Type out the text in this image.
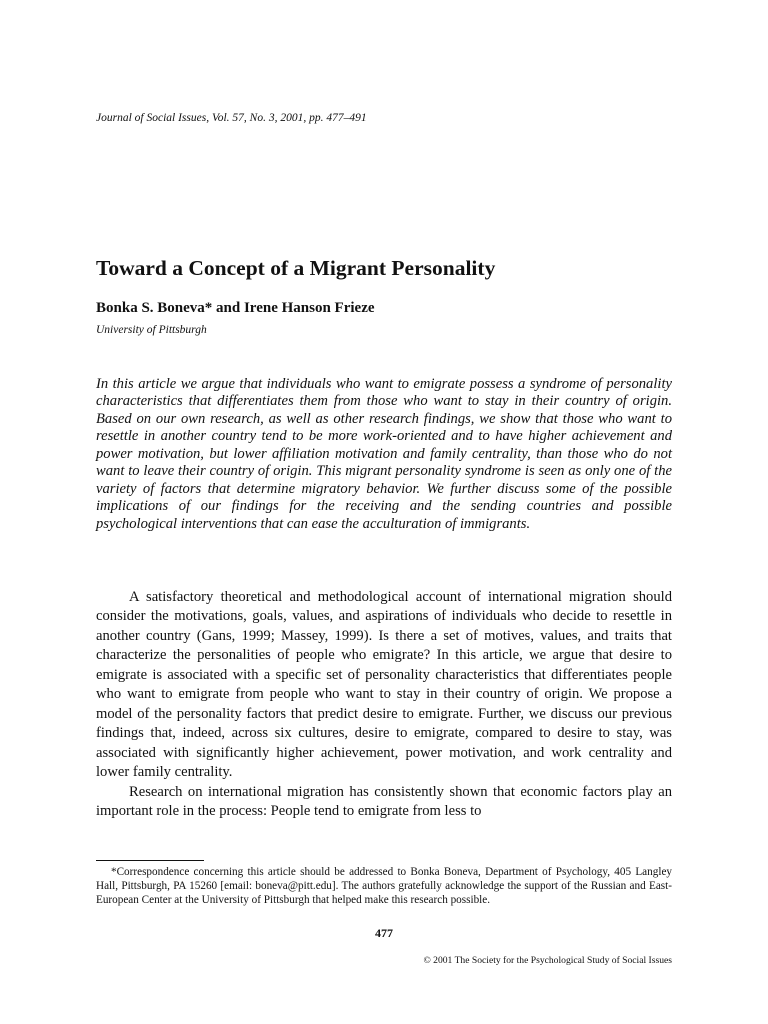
Journal of Social Issues, Vol. 57, No. 3, 2001, pp. 477–491
Toward a Concept of a Migrant Personality
Bonka S. Boneva* and Irene Hanson Frieze
University of Pittsburgh

In this article we argue that individuals who want to emigrate possess a syndrome of personality characteristics that differentiates them from those who want to stay in their country of origin. Based on our own research, as well as other research findings, we show that those who want to resettle in another country tend to be more work-oriented and to have higher achievement and power motivation, but lower affiliation motivation and family centrality, than those who do not want to leave their country of origin. This migrant personality syndrome is seen as only one of the variety of factors that determine migratory behavior. We further discuss some of the possible implications of our findings for the receiving and the sending countries and possible psychological interventions that can ease the acculturation of immigrants.

A satisfactory theoretical and methodological account of international migration should consider the motivations, goals, values, and aspirations of individuals who decide to resettle in another country (Gans, 1999; Massey, 1999). Is there a set of motives, values, and traits that characterize the personalities of people who emigrate? In this article, we argue that desire to emigrate is associated with a specific set of personality characteristics that differentiates people who want to emigrate from people who want to stay in their country of origin. We propose a model of the personality factors that predict desire to emigrate. Further, we discuss our previous findings that, indeed, across six cultures, desire to emigrate, compared to desire to stay, was associated with significantly higher achievement, power motivation, and work centrality and lower family centrality.

Research on international migration has consistently shown that economic factors play an important role in the process: People tend to emigrate from less to

*Correspondence concerning this article should be addressed to Bonka Boneva, Department of Psychology, 405 Langley Hall, Pittsburgh, PA 15260 [email: boneva@pitt.edu]. The authors gratefully acknowledge the support of the Russian and East-European Center at the University of Pittsburgh that helped make this research possible.

477
© 2001 The Society for the Psychological Study of Social Issues
